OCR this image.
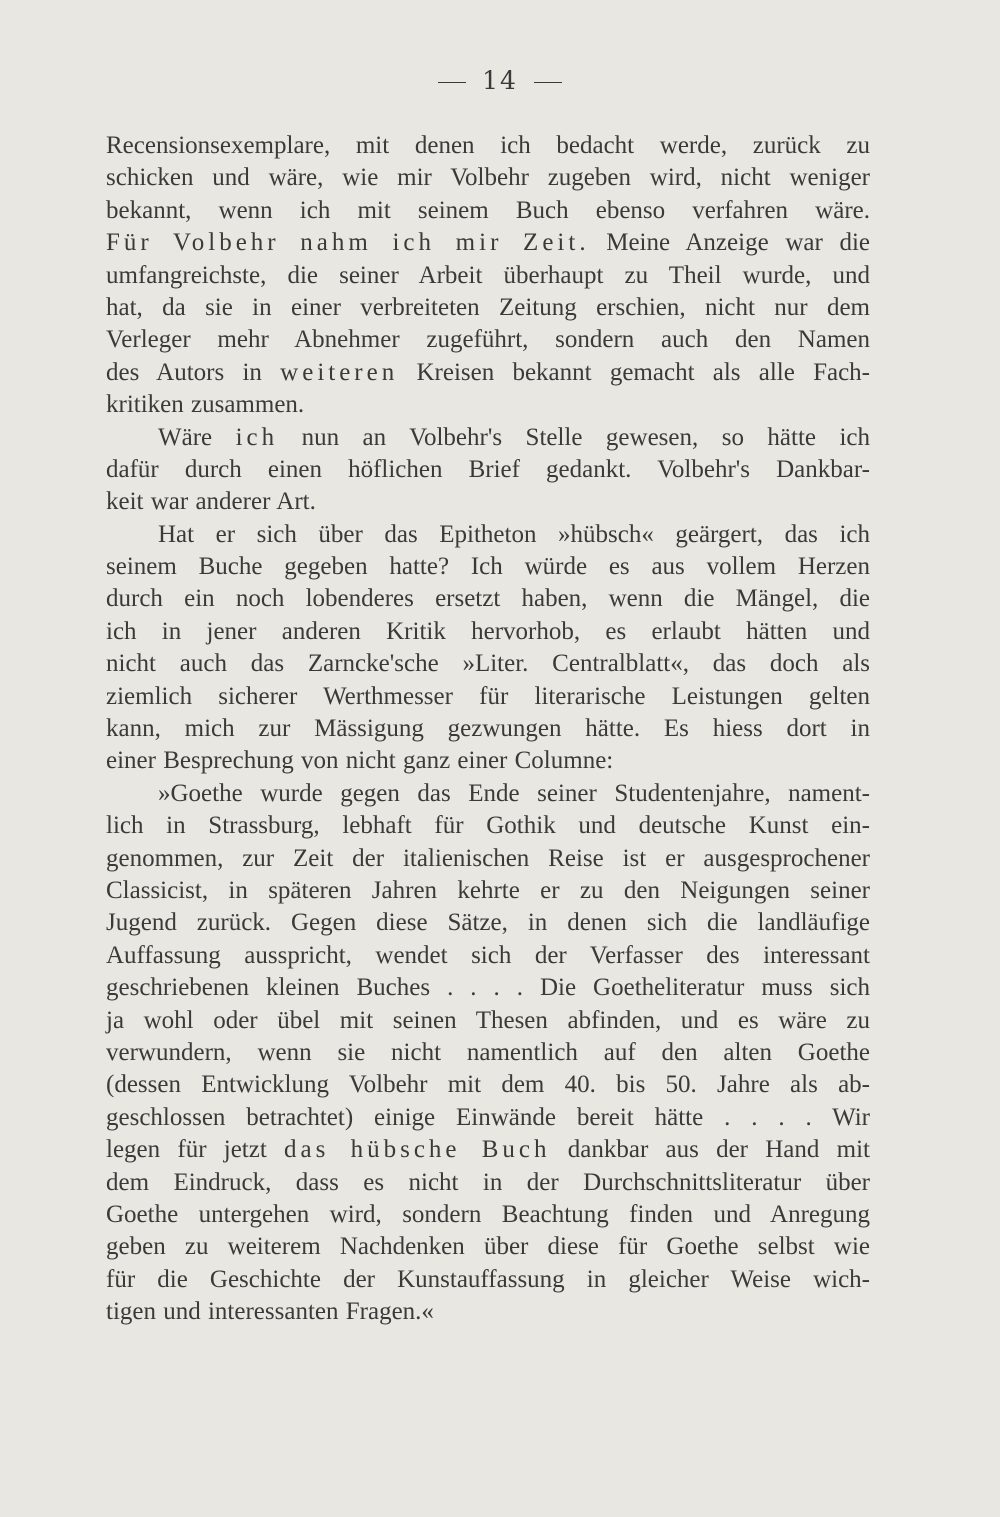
14
Recensionsexemplare, mit denen ich bedacht werde, zurück zu
schicken und wäre, wie mir Volbehr zugeben wird, nicht weniger
bekannt, wenn ich mit seinem Buch ebenso verfahren wäre.
Für Volbehr nahm ich mir Zeit. Meine Anzeige war die
umfangreichste, die seiner Arbeit überhaupt zu Theil wurde, und
hat, da sie in einer verbreiteten Zeitung erschien, nicht nur dem
Verleger mehr Abnehmer zugeführt, sondern auch den Namen
des Autors in weiteren Kreisen bekannt gemacht als alle Fach-
kritiken zusammen.
Wäre ich nun an Volbehr's Stelle gewesen, so hätte ich
dafür durch einen höflichen Brief gedankt. Volbehr's Dankbar-
keit war anderer Art.
Hat er sich über das Epitheton »hübsch« geärgert, das ich
seinem Buche gegeben hatte? Ich würde es aus vollem Herzen
durch ein noch lobenderes ersetzt haben, wenn die Mängel, die
ich in jener anderen Kritik hervorhob, es erlaubt hätten und
nicht auch das Zarncke'sche »Liter. Centralblatt«, das doch als
ziemlich sicherer Werthmesser für literarische Leistungen gelten
kann, mich zur Mässigung gezwungen hätte. Es hiess dort in
einer Besprechung von nicht ganz einer Columne:
»Goethe wurde gegen das Ende seiner Studentenjahre, nament-
lich in Strassburg, lebhaft für Gothik und deutsche Kunst ein-
genommen, zur Zeit der italienischen Reise ist er ausgesprochener
Classicist, in späteren Jahren kehrte er zu den Neigungen seiner
Jugend zurück. Gegen diese Sätze, in denen sich die landläufige
Auffassung ausspricht, wendet sich der Verfasser des interessant
geschriebenen kleinen Buches . . . . Die Goetheliteratur muss sich
ja wohl oder übel mit seinen Thesen abfinden, und es wäre zu
verwundern, wenn sie nicht namentlich auf den alten Goethe
(dessen Entwicklung Volbehr mit dem 40. bis 50. Jahre als ab-
geschlossen betrachtet) einige Einwände bereit hätte . . . . Wir
legen für jetzt das hübsche Buch dankbar aus der Hand mit
dem Eindruck, dass es nicht in der Durchschnittsliteratur über
Goethe untergehen wird, sondern Beachtung finden und Anregung
geben zu weiterem Nachdenken über diese für Goethe selbst wie
für die Geschichte der Kunstauffassung in gleicher Weise wich-
tigen und interessanten Fragen.«
